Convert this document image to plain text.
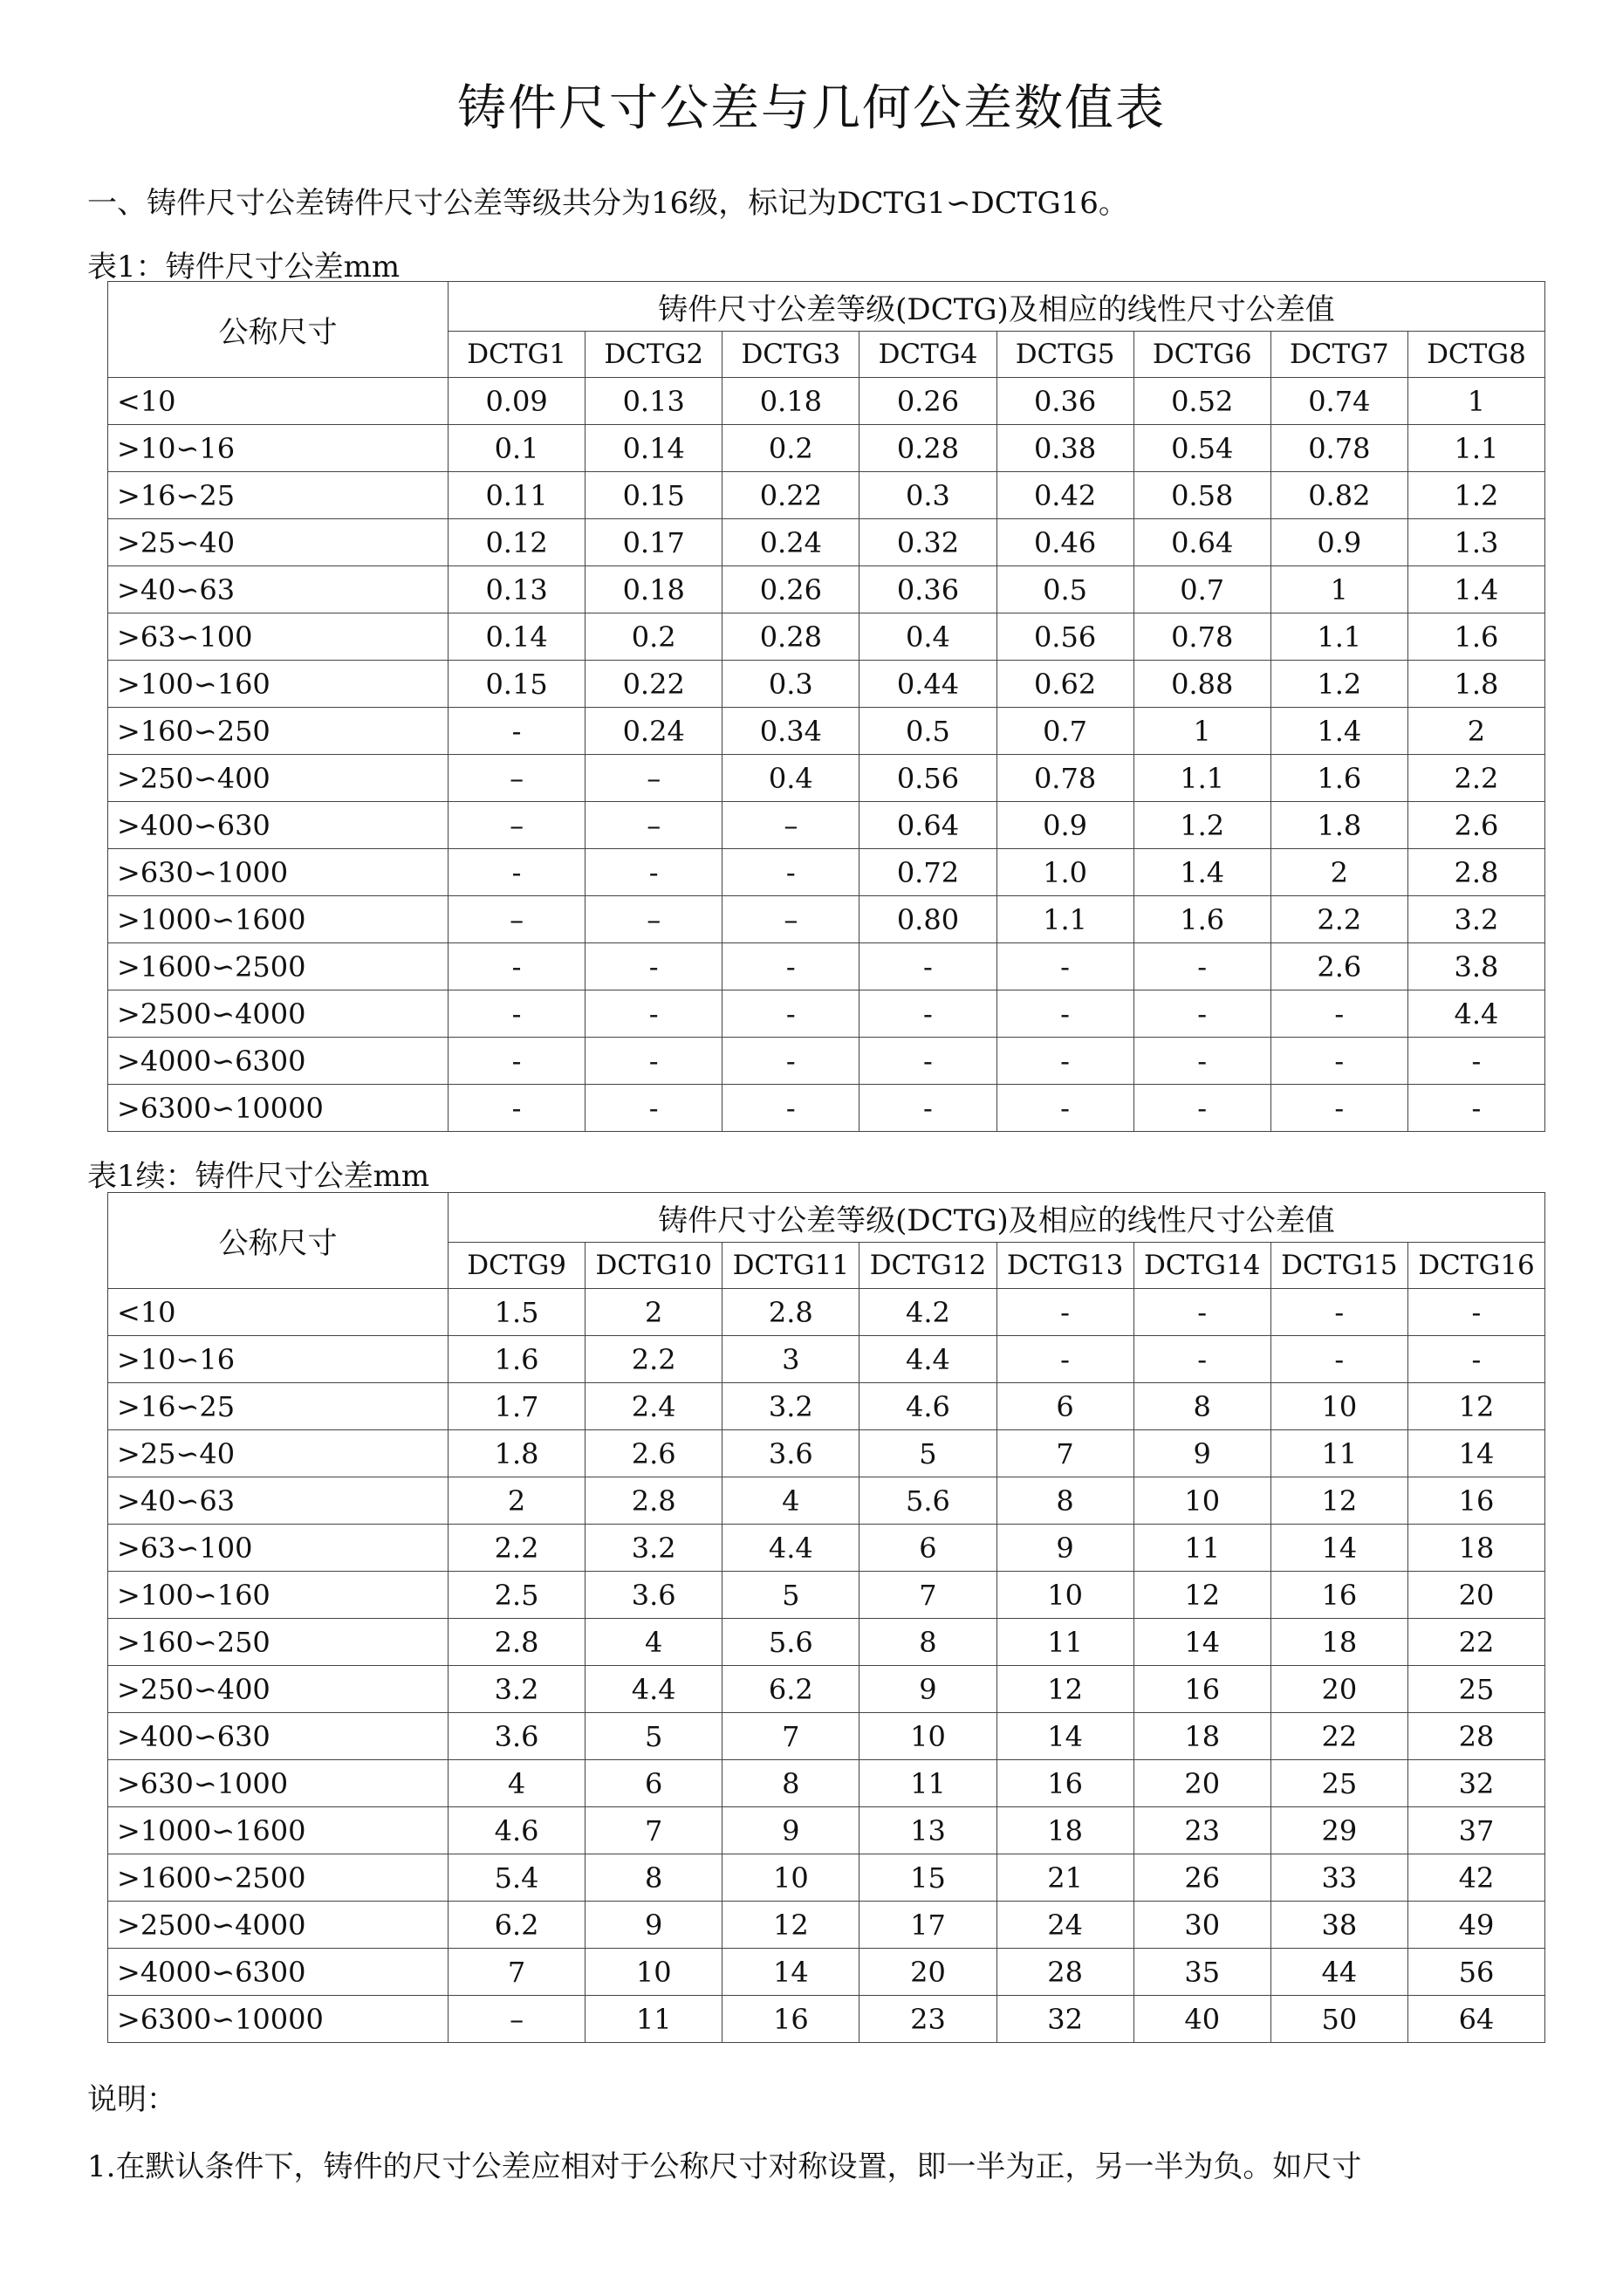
铸件尺寸公差与几何公差数值表

一、铸件尺寸公差铸件尺寸公差等级共分为16级，标记为DCTG1∽DCTG16。

表1：铸件尺寸公差mm

公称尺寸	铸件尺寸公差等级(DCTG)及相应的线性尺寸公差值							
	DCTG1	DCTG2	DCTG3	DCTG4	DCTG5	DCTG6	DCTG7	DCTG8
<10	0.09	0.13	0.18	0.26	0.36	0.52	0.74	1
>10∽16	0.1	0.14	0.2	0.28	0.38	0.54	0.78	1.1
>16∽25	0.11	0.15	0.22	0.3	0.42	0.58	0.82	1.2
>25∽40	0.12	0.17	0.24	0.32	0.46	0.64	0.9	1.3
>40∽63	0.13	0.18	0.26	0.36	0.5	0.7	1	1.4
>63∽100	0.14	0.2	0.28	0.4	0.56	0.78	1.1	1.6
>100∽160	0.15	0.22	0.3	0.44	0.62	0.88	1.2	1.8
>160∽250	-	0.24	0.34	0.5	0.7	1	1.4	2
>250∽400	–	–	0.4	0.56	0.78	1.1	1.6	2.2
>400∽630	–	–	–	0.64	0.9	1.2	1.8	2.6
>630∽1000	-	-	-	0.72	1.0	1.4	2	2.8
>1000∽1600	–	–	–	0.80	1.1	1.6	2.2	3.2
>1600∽2500	-	-	-	-	-	-	2.6	3.8
>2500∽4000	-	-	-	-	-	-	-	4.4
>4000∽6300	-	-	-	-	-	-	-	-
>6300∽10000	-	-	-	-	-	-	-	-

表1续：铸件尺寸公差mm

公称尺寸	铸件尺寸公差等级(DCTG)及相应的线性尺寸公差值							
	DCTG9	DCTG10	DCTG11	DCTG12	DCTG13	DCTG14	DCTG15	DCTG16
<10	1.5	2	2.8	4.2	-	-	-	-
>10∽16	1.6	2.2	3	4.4	-	-	-	-
>16∽25	1.7	2.4	3.2	4.6	6	8	10	12
>25∽40	1.8	2.6	3.6	5	7	9	11	14
>40∽63	2	2.8	4	5.6	8	10	12	16
>63∽100	2.2	3.2	4.4	6	9	11	14	18
>100∽160	2.5	3.6	5	7	10	12	16	20
>160∽250	2.8	4	5.6	8	11	14	18	22
>250∽400	3.2	4.4	6.2	9	12	16	20	25
>400∽630	3.6	5	7	10	14	18	22	28
>630∽1000	4	6	8	11	16	20	25	32
>1000∽1600	4.6	7	9	13	18	23	29	37
>1600∽2500	5.4	8	10	15	21	26	33	42
>2500∽4000	6.2	9	12	17	24	30	38	49
>4000∽6300	7	10	14	20	28	35	44	56
>6300∽10000	–	11	16	23	32	40	50	64

说明：

1.在默认条件下，铸件的尺寸公差应相对于公称尺寸对称设置，即一半为正，另一半为负。如尺寸
